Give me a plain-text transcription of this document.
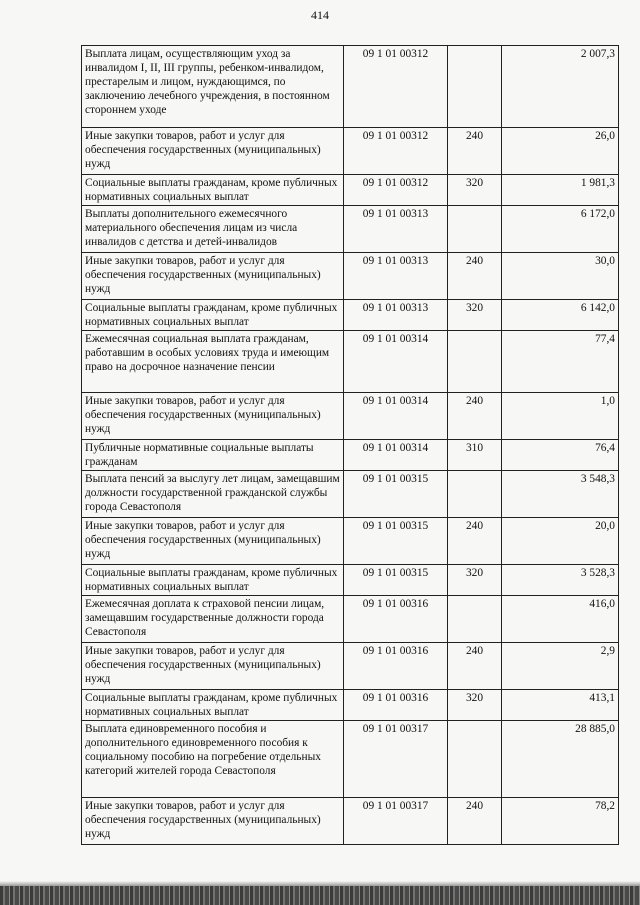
414
Выплата лицам, осуществляющим уход за инвалидом I, II, III группы, ребенком-инвалидом, престарелым и лицом, нуждающимся, по заключению лечебного учреждения, в постоянном стороннем уходе	09 1 01 00312		2 007,3
Иные закупки товаров, работ и услуг для обеспечения государственных (муниципальных) нужд	09 1 01 00312	240	26,0
Социальные выплаты гражданам, кроме публичных нормативных социальных выплат	09 1 01 00312	320	1 981,3
Выплаты дополнительного ежемесячного материального обеспечения лицам из числа инвалидов с детства и детей-инвалидов	09 1 01 00313		6 172,0
Иные закупки товаров, работ и услуг для обеспечения государственных (муниципальных) нужд	09 1 01 00313	240	30,0
Социальные выплаты гражданам, кроме публичных нормативных социальных выплат	09 1 01 00313	320	6 142,0
Ежемесячная социальная выплата гражданам, работавшим в особых условиях труда и имеющим право на досрочное назначение пенсии	09 1 01 00314		77,4
Иные закупки товаров, работ и услуг для обеспечения государственных (муниципальных) нужд	09 1 01 00314	240	1,0
Публичные нормативные социальные выплаты гражданам	09 1 01 00314	310	76,4
Выплата пенсий за выслугу лет лицам, замещавшим должности государственной гражданской службы города Севастополя	09 1 01 00315		3 548,3
Иные закупки товаров, работ и услуг для обеспечения государственных (муниципальных) нужд	09 1 01 00315	240	20,0
Социальные выплаты гражданам, кроме публичных нормативных социальных выплат	09 1 01 00315	320	3 528,3
Ежемесячная доплата к страховой пенсии лицам, замещавшим государственные должности города Севастополя	09 1 01 00316		416,0
Иные закупки товаров, работ и услуг для обеспечения государственных (муниципальных) нужд	09 1 01 00316	240	2,9
Социальные выплаты гражданам, кроме публичных нормативных социальных выплат	09 1 01 00316	320	413,1
Выплата единовременного пособия и дополнительного единовременного пособия к социальному пособию на погребение отдельных категорий жителей города Севастополя	09 1 01 00317		28 885,0
Иные закупки товаров, работ и услуг для обеспечения государственных (муниципальных) нужд	09 1 01 00317	240	78,2
